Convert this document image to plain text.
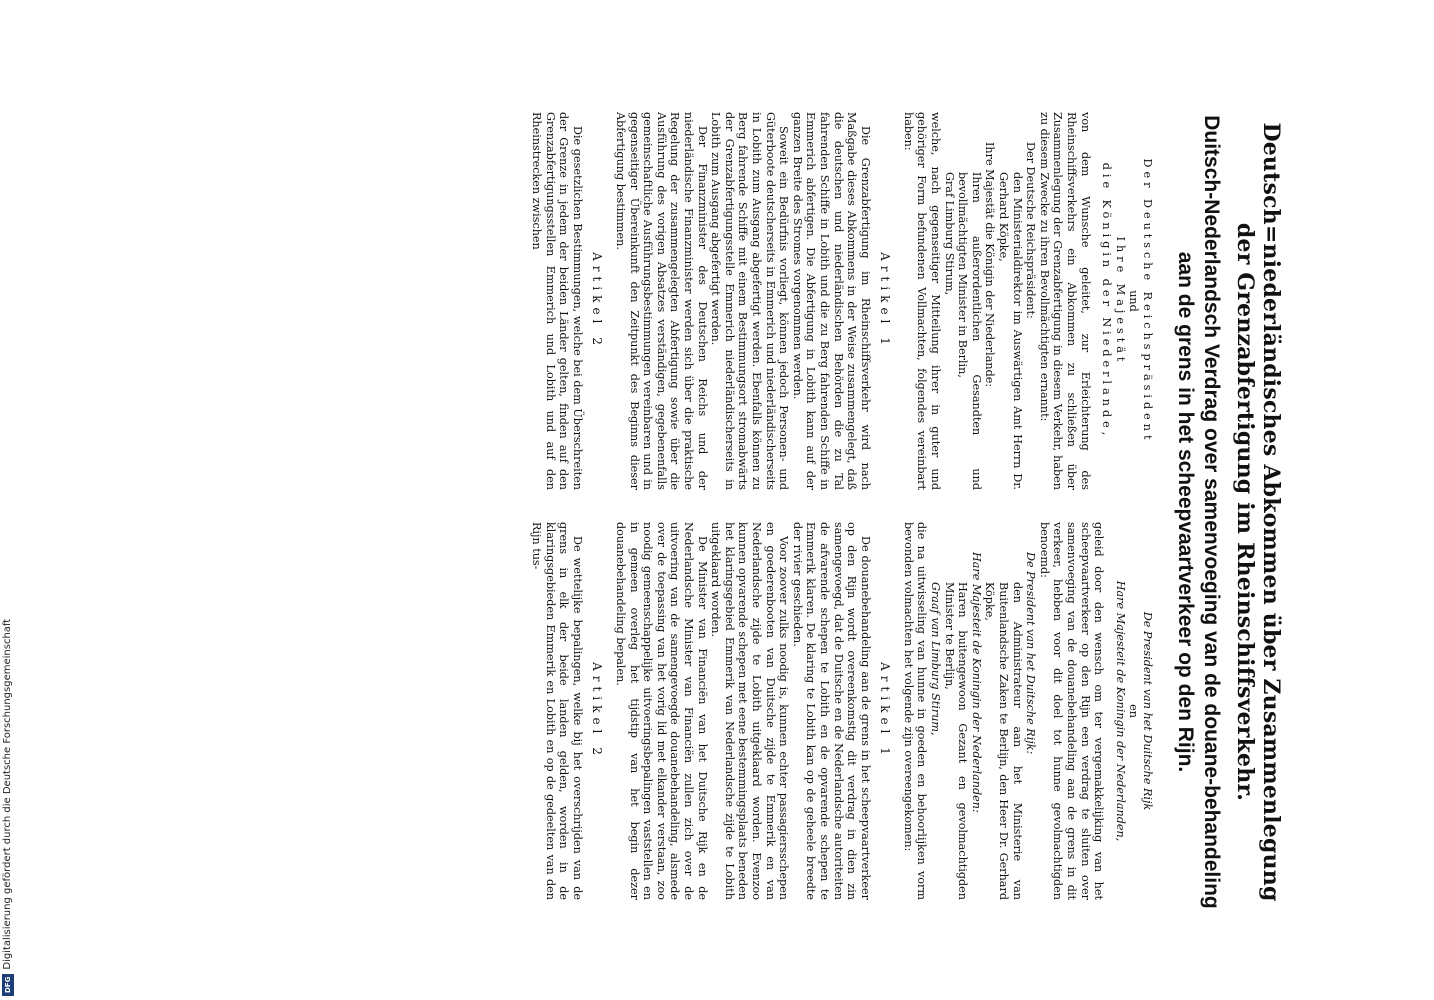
Deutsch=niederländisches Abkommen über Zusammenlegung der Grenzabfertigung im Rheinschiffsverkehr.
Duitsch-Nederlandsch Verdrag over samenvoeging van de douane-behandeling aan de grens in het scheepvaartverkeer op den Rijn.

Der Deutsche Reichspräsident

und

Ihre Majestät

die Königin der Niederlande,

von dem Wunsche geleitet, zur Erleichterung des Rheinschiffsverkehrs ein Abkommen zu schließen über Zusammenlegung der Grenzabfertigung in diesem Verkehr, haben zu diesem Zwecke zu ihren Bevollmächtigten ernannt:

Der Deutsche Reichspräsident:

den Ministerialdirektor im Auswärtigen Amt Herrn Dr. Gerhard Köpke,

Ihre Majestät die Königin der Niederlande:

Ihren außerordentlichen Gesandten und bevollmächtigten Minister in Berlin,

Graf Limburg Stirum,

welche, nach gegenseitiger Mitteilung ihrer in guter und gehöriger Form befundenen Vollmachten, folgendes vereinbart haben:

Artikel 1

Die Grenzabfertigung im Rheinschiffsverkehr wird nach Maßgabe dieses Abkommens in der Weise zusammengelegt, daß die deutschen und niederländischen Behörden die zu Tal fahrenden Schiffe in Lobith und die zu Berg fahrenden Schiffe in Emmerich abfertigen. Die Abfertigung in Lobith kann auf der ganzen Breite des Stromes vorgenommen werden.

Soweit ein Bedürfnis vorliegt, können jedoch Personen- und Güterboote deutscherseits in Emmerich und niederländischerseits in Lobith zum Ausgang abgefertigt werden. Ebenfalls können zu Berg fahrende Schiffe mit einem Bestimmungsort stromabwärts der Grenzabfertigungsstelle Emmerich niederländischerseits in Lobith zum Ausgang abgefertigt werden.

Der Finanzminister des Deutschen Reichs und der niederländische Finanzminister werden sich über die praktische Regelung der zusammengelegten Abfertigung sowie über die Ausführung des vorigen Absatzes verständigen, gegebenenfalls gemeinschaftliche Ausführungsbestimmungen vereinbaren und in gegenseitiger Übereinkunft den Zeitpunkt des Beginns dieser Abfertigung bestimmen.

Artikel 2

Die gesetzlichen Bestimmungen, welche bei dem Überschreiten der Grenze in jedem der beiden Länder gelten, finden auf den Grenzabfertigungsstellen Emmerich und Lobith und auf den Rheinstrecken zwischen

De President van het Duitsche Rijk

en

Hare Majesteit de Koningin der Nederlanden,

geleid door den wensch om ter vergemakkelijking van het scheepvaartverkeer op den Rijn een verdrag te sluiten over samenvoeging van de douanebehandeling aan de grens in dit verkeer, hebben voor dit doel tot hunne gevolmachtigden benoemd:

De President van het Duitsche Rijk:

den Administrateur aan het Ministerie van Buitenlandsche Zaken te Berlijn, den Heer Dr. Gerhard Köpke,

Hare Majesteit de Koningin der Nederlanden:

Haren buitengewoon Gezant en gevolmachtigden Minister te Berlijn,

Graaf van Limburg Stirum,

die na uitwisseling van hunne in goeden en behoorlijken vorm bevonden volmachten het volgende zijn overeengekomen:

Artikel 1

De douanebehandeling aan de grens in het scheepvaartverkeer op den Rijn wordt overeenkomstig dit verdrag in dien zin samengevoegd, dat de Duitsche en de Nederlandsche autoriteiten de afvarende schepen te Lobith en de opvarende schepen te Emmerik klaren. De klaring te Lobith kan op de geheele breedte der rivier geschieden.

Voor zoover zulks noodig is, kunnen echter passagiersschepen en goederenbooten van Duitsche zijde te Emmerik en van Nederlandsche zijde te Lobith uitgeklaard worden. Evenzoo kunnen opvarende schepen met eene bestemmingsplaats beneden het klaringsgebied Emmerik van Nederlandsche zijde te Lobith uitgeklaard worden.

De Minister van Financiën van het Duitsche Rijk en de Nederlandsche Minister van Financiën zullen zich over de uitvoering van de samengevoegde douanebehandeling, alsmede over de toepassing van het vorig lid met elkander verstaan, zoo noodig gemeenschappelijke uitvoeringsbepalingen vaststellen en in gemeen overleg het tijdstip van het begin dezer douanebehandeling bepalen.

Artikel 2

De wettelijke bepalingen, welke bij het overschrijden van de grens in elk der beide landen gelden, worden in de klaringsgebieden Emmerik en Lobith en op de gedeelten van den Rijn tus-

DFG
Digitalisierung gefördert durch die Deutsche Forschungsgemeinschaft
